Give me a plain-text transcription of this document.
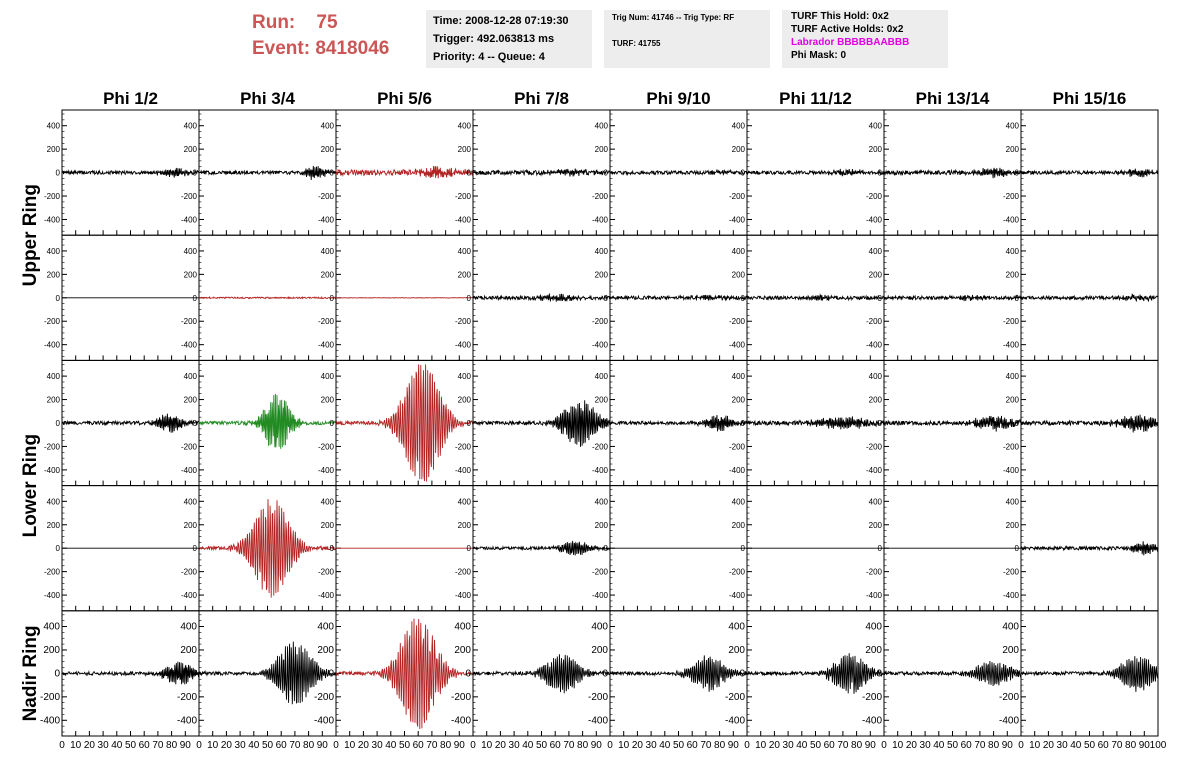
Run: 75
Event: 8418046
Time: 2008-12-28 07:19:30
Trigger: 492.063813 ms
Priority: 4 -- Queue: 4
Trig Num: 41746 -- Trig Type: RF
TURF: 41755
TURF This Hold: 0x2
TURF Active Holds: 0x2
Labrador BBBBBAABBB
Phi Mask: 0
Phi 1/2	Phi 3/4	Phi 5/6	Phi 7/8	Phi 9/10	Phi 11/12	Phi 13/14	Phi 15/16
Upper Ring
Lower Ring
Nadir Ring
400
200
0
-200
-400
400
200
0
-200
-400
400
200
0
-200
-400
400
200
0
-200
-400
400
200
0
-200
-400
400
200
0
-200
-400
400
200
0
-200
-400
400
200
0
-200
-400
400
200
0
-200
-400
400
200
0
-200
-400
400
200
0
-200
-400
400
200
0
-200
-400
400
200
0
-200
-400
400
200
0
-200
-400
400
200
0
-200
-400
400
200
0
-200
-400
400
200
0
-200
-400
400
200
0
-200
-400
400
200
0
-200
-400
400
200
0
-200
-400
400
200
0
-200
-400
400
200
0
-200
-400
400
200
0
-200
-400
400
200
0
-200
-400
400
200
0
-200
-400
400
200
0
-200
-400
400
200
0
-200
-400
400
200
0
-200
-400
400
200
0
-200
-400
400
200
0
-200
-400
400
200
0
-200
-400
400
200
0
-200
-400
400
200
0
-200
-400
400
200
0
-200
-400
400
200
0
-200
-400
400
200
0
-200
-400
400
200
0
-200
-400
400
200
0
-200
-400
400
200
0
-200
-400
400
200
0
-200
-400
0 10 20 30 40 50 60 70 80 90 0 10 20 30 40 50 60 70 80 90 0 10 20 30 40 50 60 70 80 90 0 10 20 30 40 50 60 70 80 90 0 10 20 30 40 50 60 70 80 90 0 10 20 30 40 50 60 70 80 90 0 10 20 30 40 50 60 70 80 90 0 10 20 30 40 50 60 70 80 90 100
